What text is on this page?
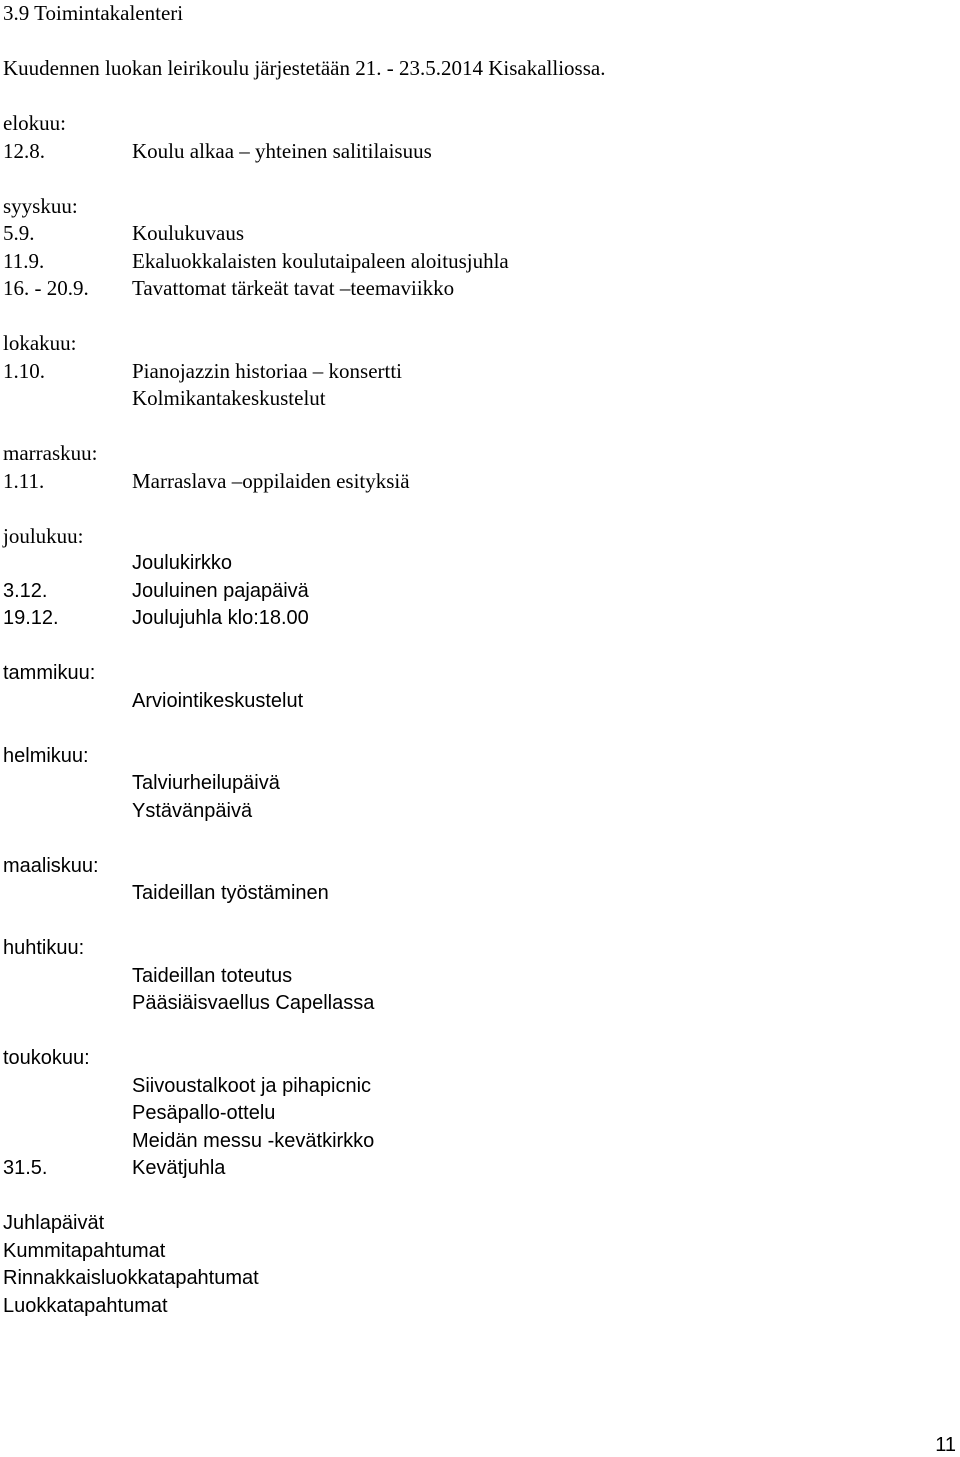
3.9 Toimintakalenteri
Kuudennen luokan leirikoulu järjestetään 21. - 23.5.2014 Kisakalliossa.
elokuu:
12.8.	Koulu alkaa – yhteinen salitilaisuus
syyskuu:
5.9.	Koulukuvaus
11.9.	Ekaluokkalaisten koulutaipaleen aloitusjuhla
16. - 20.9.	Tavattomat tärkeät tavat –teemaviikko
lokakuu:
1.10.	Pianojazzin historiaa – konsertti
Kolmikantakeskustelut
marraskuu:
1.11.	Marraslava –oppilaiden esityksiä
joulukuu:
Joulukirkko
3.12.	Jouluinen pajapäivä
19.12.	Joulujuhla klo:18.00
tammikuu:
Arviointikeskustelut
helmikuu:
Talviurheilupäivä
Ystävänpäivä
maaliskuu:
Taideillan työstäminen
huhtikuu:
Taideillan toteutus
Pääsiäisvaellus Capellassa
toukokuu:
Siivoustalkoot ja pihapicnic
Pesäpallo-ottelu
Meidän messu -kevätkirkko
31.5.	Kevätjuhla
Juhlapäivät
Kummitapahtumat
Rinnakkaisluokkatapahtumat
Luokkatapahtumat
11
